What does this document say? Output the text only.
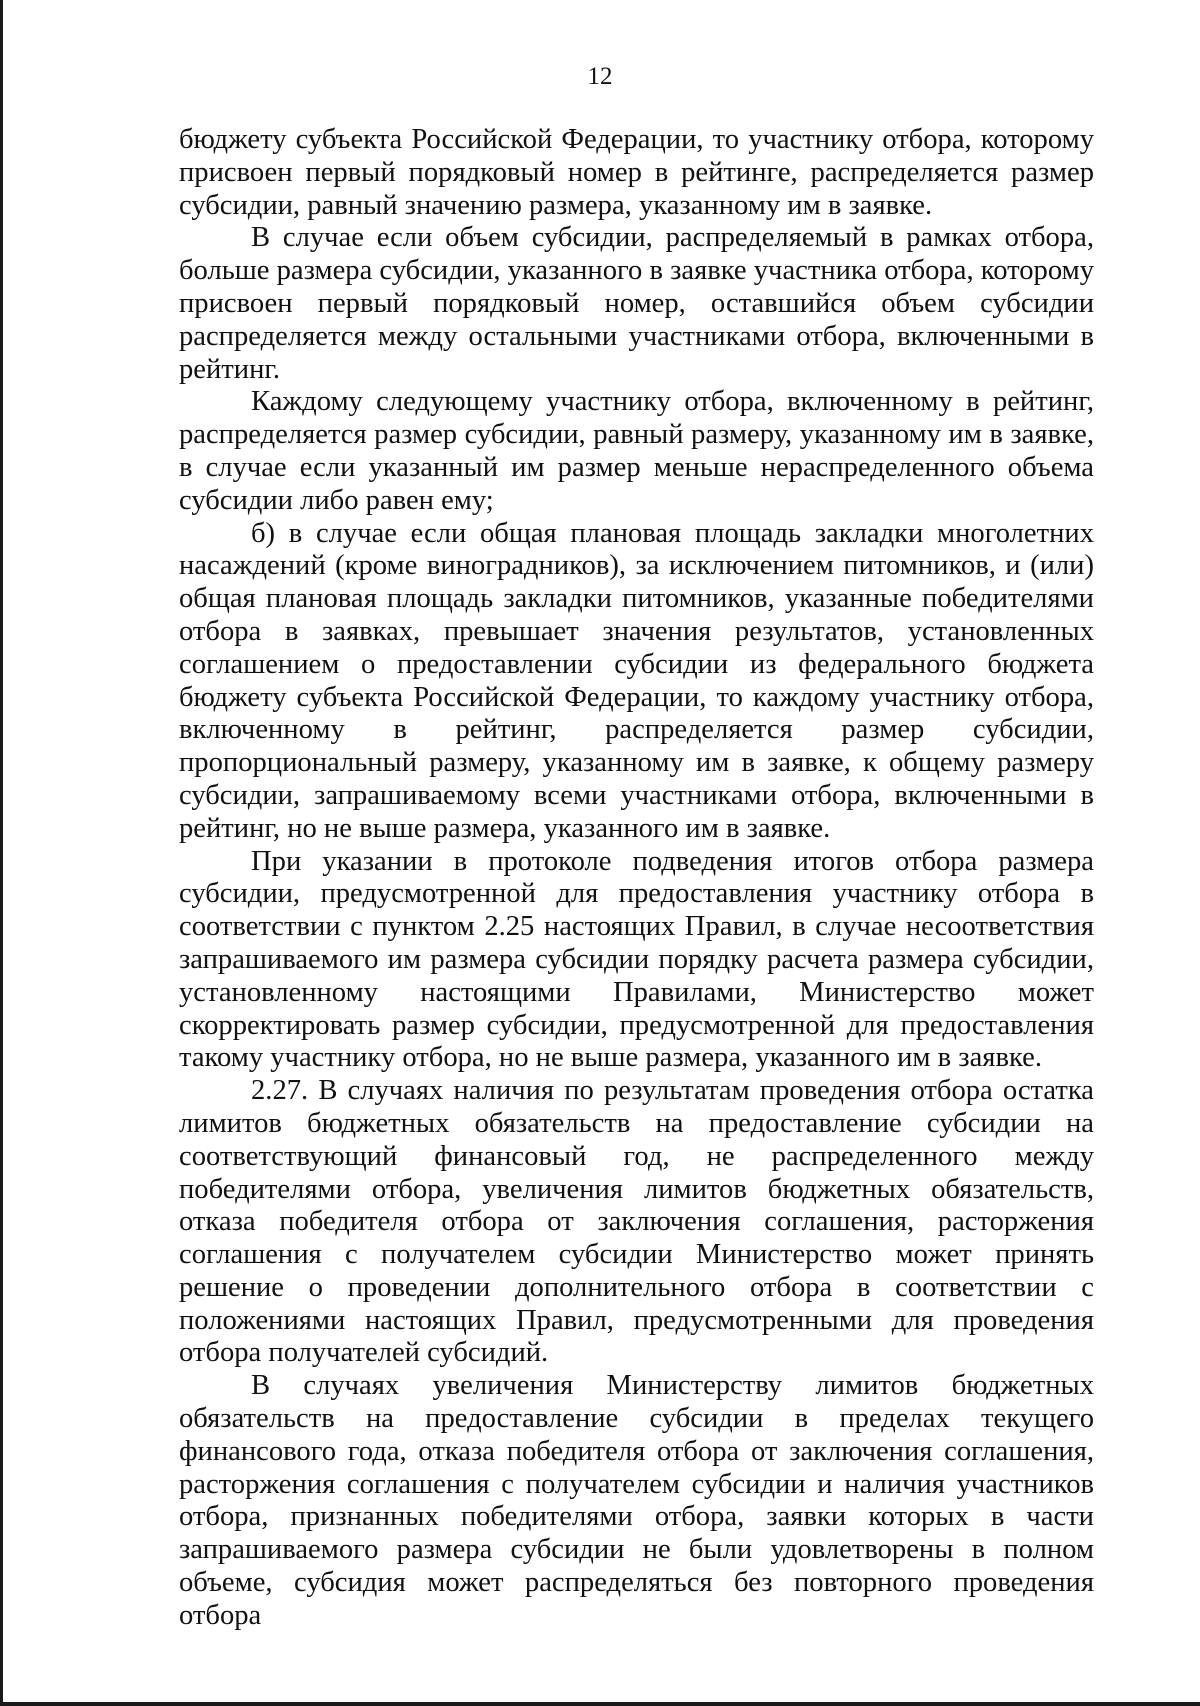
12

бюджету субъекта Российской Федерации, то участнику отбора, которому присвоен первый порядковый номер в рейтинге, распределяется размер субсидии, равный значению размера, указанному им в заявке.

В случае если объем субсидии, распределяемый в рамках отбора, больше размера субсидии, указанного в заявке участника отбора, которому присвоен первый порядковый номер, оставшийся объем субсидии распределяется между остальными участниками отбора, включенными в рейтинг.

Каждому следующему участнику отбора, включенному в рейтинг, распределяется размер субсидии, равный размеру, указанному им в заявке, в случае если указанный им размер меньше нераспределенного объема субсидии либо равен ему;

б) в случае если общая плановая площадь закладки многолетних насаждений (кроме виноградников), за исключением питомников, и (или) общая плановая площадь закладки питомников, указанные победителями отбора в заявках, превышает значения результатов, установленных соглашением о предоставлении субсидии из федерального бюджета бюджету субъекта Российской Федерации, то каждому участнику отбора, включенному в рейтинг, распределяется размер субсидии, пропорциональный размеру, указанному им в заявке, к общему размеру субсидии, запрашиваемому всеми участниками отбора, включенными в рейтинг, но не выше размера, указанного им в заявке.

При указании в протоколе подведения итогов отбора размера субсидии, предусмотренной для предоставления участнику отбора в соответствии с пунктом 2.25 настоящих Правил, в случае несоответствия запрашиваемого им размера субсидии порядку расчета размера субсидии, установленному настоящими Правилами, Министерство может скорректировать размер субсидии, предусмотренной для предоставления такому участнику отбора, но не выше размера, указанного им в заявке.

2.27. В случаях наличия по результатам проведения отбора остатка лимитов бюджетных обязательств на предоставление субсидии на соответствующий финансовый год, не распределенного между победителями отбора, увеличения лимитов бюджетных обязательств, отказа победителя отбора от заключения соглашения, расторжения соглашения с получателем субсидии Министерство может принять решение о проведении дополнительного отбора в соответствии с положениями настоящих Правил, предусмотренными для проведения отбора получателей субсидий.

В случаях увеличения Министерству лимитов бюджетных обязательств на предоставление субсидии в пределах текущего финансового года, отказа победителя отбора от заключения соглашения, расторжения соглашения с получателем субсидии и наличия участников отбора, признанных победителями отбора, заявки которых в части запрашиваемого размера субсидии не были удовлетворены в полном объеме, субсидия может распределяться без повторного проведения отбора
